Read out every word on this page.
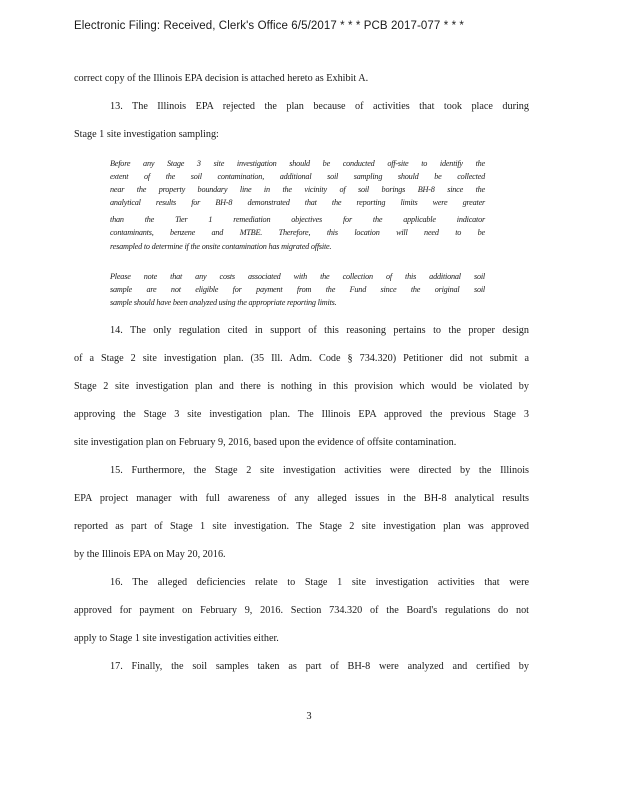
Electronic Filing: Received, Clerk's Office 6/5/2017 * * * PCB 2017-077 * * *
correct copy of the Illinois EPA decision is attached hereto as Exhibit A.
13. The Illinois EPA rejected the plan because of activities that took place during
Stage 1 site investigation sampling:
Before any Stage 3 site investigation should be conducted off-site to identify the
extent of the soil contamination, additional soil sampling should be collected
near the property boundary line in the vicinity of soil borings BH-8 since the
analytical results for BH-8 demonstrated that the reporting limits were greater
than the Tier 1 remediation objectives for the applicable indicator
contaminants, benzene and MTBE. Therefore, this location will need to be
resampled to determine if the onsite contamination has migrated offsite.
Please note that any costs associated with the collection of this additional soil
sample are not eligible for payment from the Fund since the original soil
sample should have been analyzed using the appropriate reporting limits.
14. The only regulation cited in support of this reasoning pertains to the proper design
of a Stage 2 site investigation plan. (35 Ill. Adm. Code § 734.320) Petitioner did not submit a
Stage 2 site investigation plan and there is nothing in this provision which would be violated by
approving the Stage 3 site investigation plan. The Illinois EPA approved the previous Stage 3
site investigation plan on February 9, 2016, based upon the evidence of offsite contamination.
15. Furthermore, the Stage 2 site investigation activities were directed by the Illinois
EPA project manager with full awareness of any alleged issues in the BH-8 analytical results
reported as part of Stage 1 site investigation. The Stage 2 site investigation plan was approved
by the Illinois EPA on May 20, 2016.
16. The alleged deficiencies relate to Stage 1 site investigation activities that were
approved for payment on February 9, 2016. Section 734.320 of the Board's regulations do not
apply to Stage 1 site investigation activities either.
17. Finally, the soil samples taken as part of BH-8 were analyzed and certified by
3
